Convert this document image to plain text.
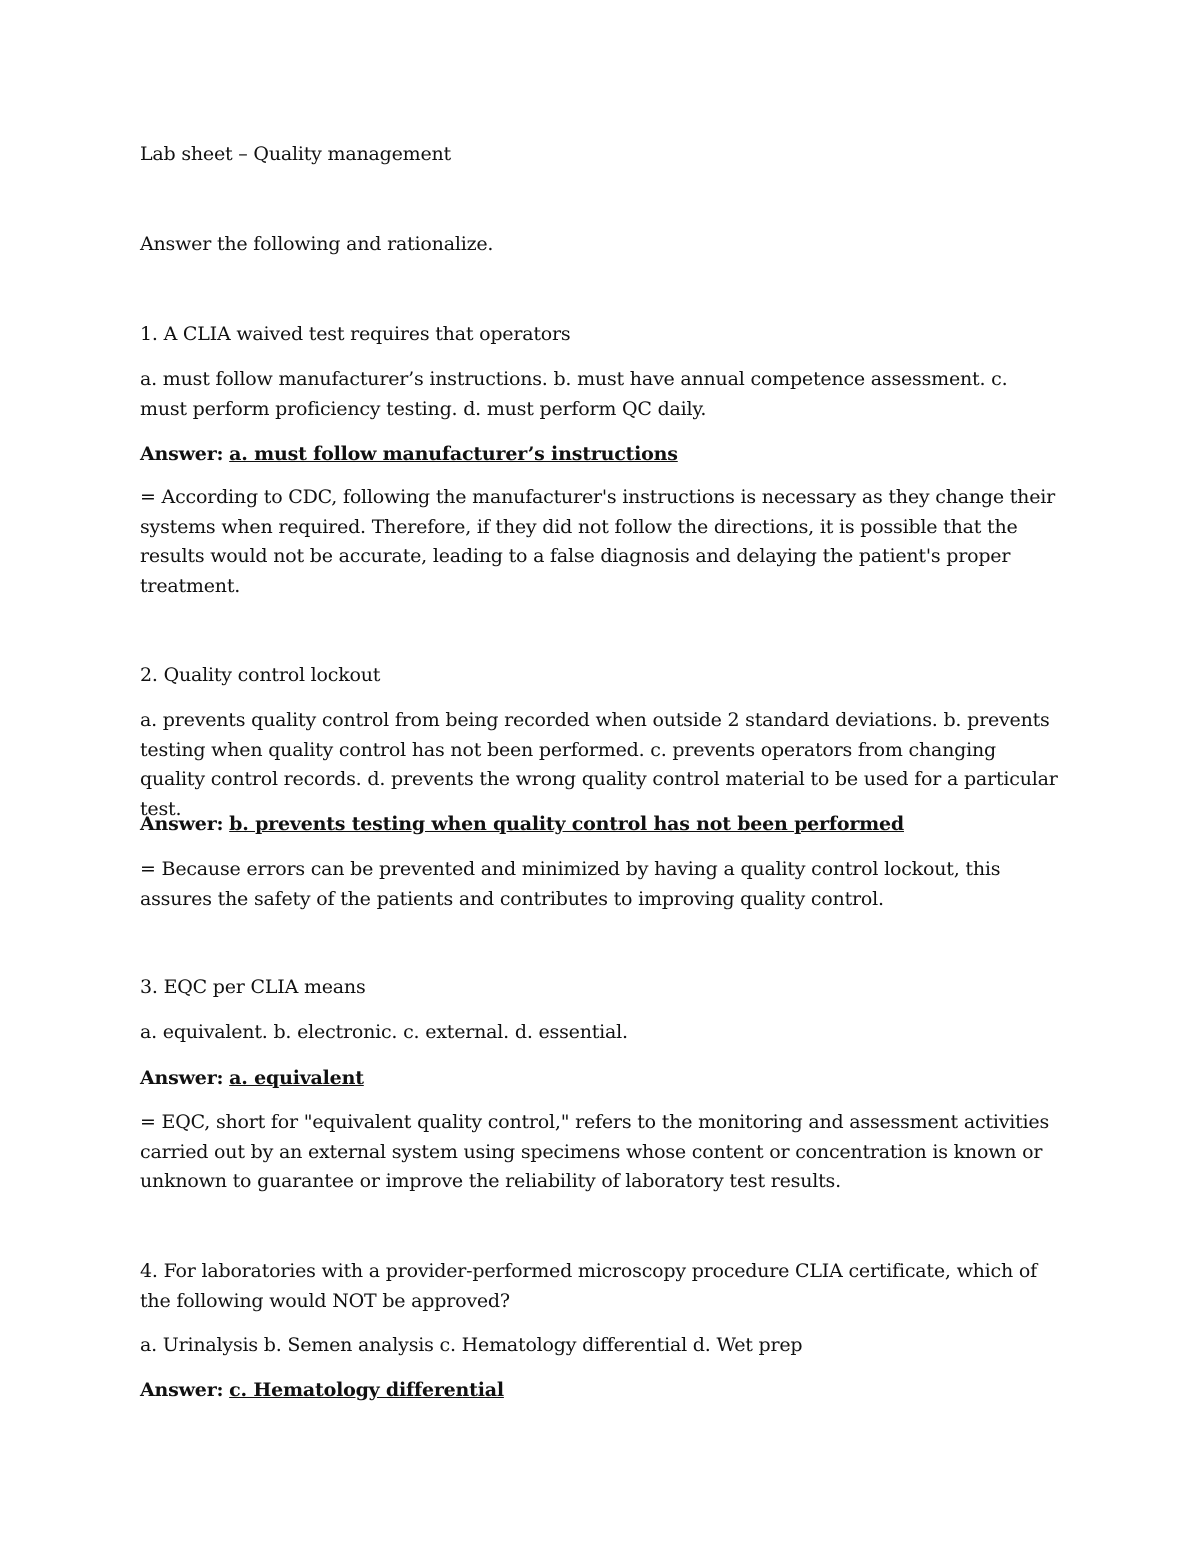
Lab sheet – Quality management

Answer the following and rationalize.

1. A CLIA waived test requires that operators

a. must follow manufacturer’s instructions. b. must have annual competence assessment. c. must perform proficiency testing. d. must perform QC daily.

Answer: a. must follow manufacturer’s instructions

= According to CDC, following the manufacturer's instructions is necessary as they change their systems when required. Therefore, if they did not follow the directions, it is possible that the results would not be accurate, leading to a false diagnosis and delaying the patient's proper treatment.

2. Quality control lockout

a. prevents quality control from being recorded when outside 2 standard deviations. b. prevents testing when quality control has not been performed. c. prevents operators from changing quality control records. d. prevents the wrong quality control material to be used for a particular test.

Answer: b. prevents testing when quality control has not been performed

= Because errors can be prevented and minimized by having a quality control lockout, this assures the safety of the patients and contributes to improving quality control.

3. EQC per CLIA means

a. equivalent. b. electronic. c. external. d. essential.

Answer: a. equivalent

= EQC, short for "equivalent quality control," refers to the monitoring and assessment activities carried out by an external system using specimens whose content or concentration is known or unknown to guarantee or improve the reliability of laboratory test results.

4. For laboratories with a provider-performed microscopy procedure CLIA certificate, which of the following would NOT be approved?

a. Urinalysis b. Semen analysis c. Hematology differential d. Wet prep

Answer: c. Hematology differential
